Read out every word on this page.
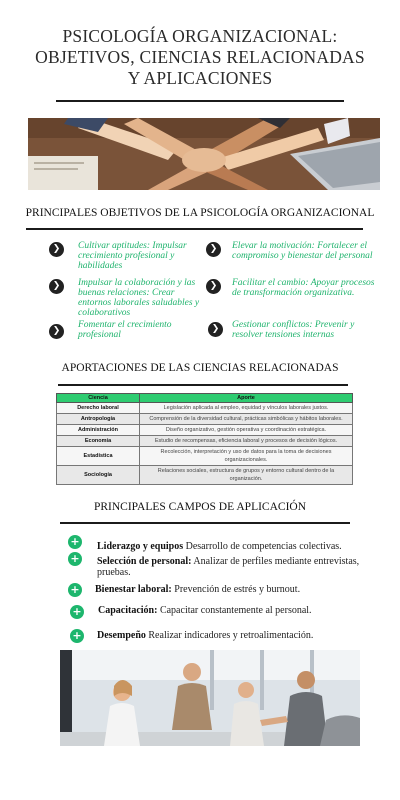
PSICOLOGÍA ORGANIZACIONAL:
OBJETIVOS, CIENCIAS RELACIONADAS
Y APLICACIONES
PRINCIPALES OBJETIVOS DE LA PSICOLOGÍA ORGANIZACIONAL
❯	Cultivar aptitudes: Impulsar crecimiento profesional y habilidades
❯	Elevar la motivación: Fortalecer el compromiso y bienestar del personal
❯	Impulsar la colaboración y las buenas relaciones: Crear entornos laborales saludables y colaborativos
❯	Facilitar el cambio: Apoyar procesos de transformación organizativa.
❯
Fomentar el crecimiento profesional
❯	Gestionar conflictos: Prevenir y resolver tensiones internas
APORTACIONES DE LAS CIENCIAS RELACIONADAS
Ciencia	Aporte
Derecho laboral	Legislación aplicada al empleo, equidad y vínculos laborales justos.
Antropología	Comprensión de la diversidad cultural, prácticas simbólicas y hábitos laborales.
Administración	Diseño organizativo, gestión operativa y coordinación estratégica.
Economía	Estudio de recompensas, eficiencia laboral y procesos de decisión lógicos.
Estadística	Recolección, interpretación y uso de datos para la toma de decisiones organizacionales.
Sociología	Relaciones sociales, estructura de grupos y entorno cultural dentro de la organización.
PRINCIPALES CAMPOS DE APLICACIÓN
+ Liderazgo y equipos Desarrollo de competencias colectivas.
+ Selección de personal: Analizar de perfiles mediante entrevistas, pruebas.
+ Bienestar laboral: Prevención de estrés y burnout.
+ Capacitación: Capacitar constantemente al personal.
+ Desempeño Realizar indicadores y retroalimentación.
